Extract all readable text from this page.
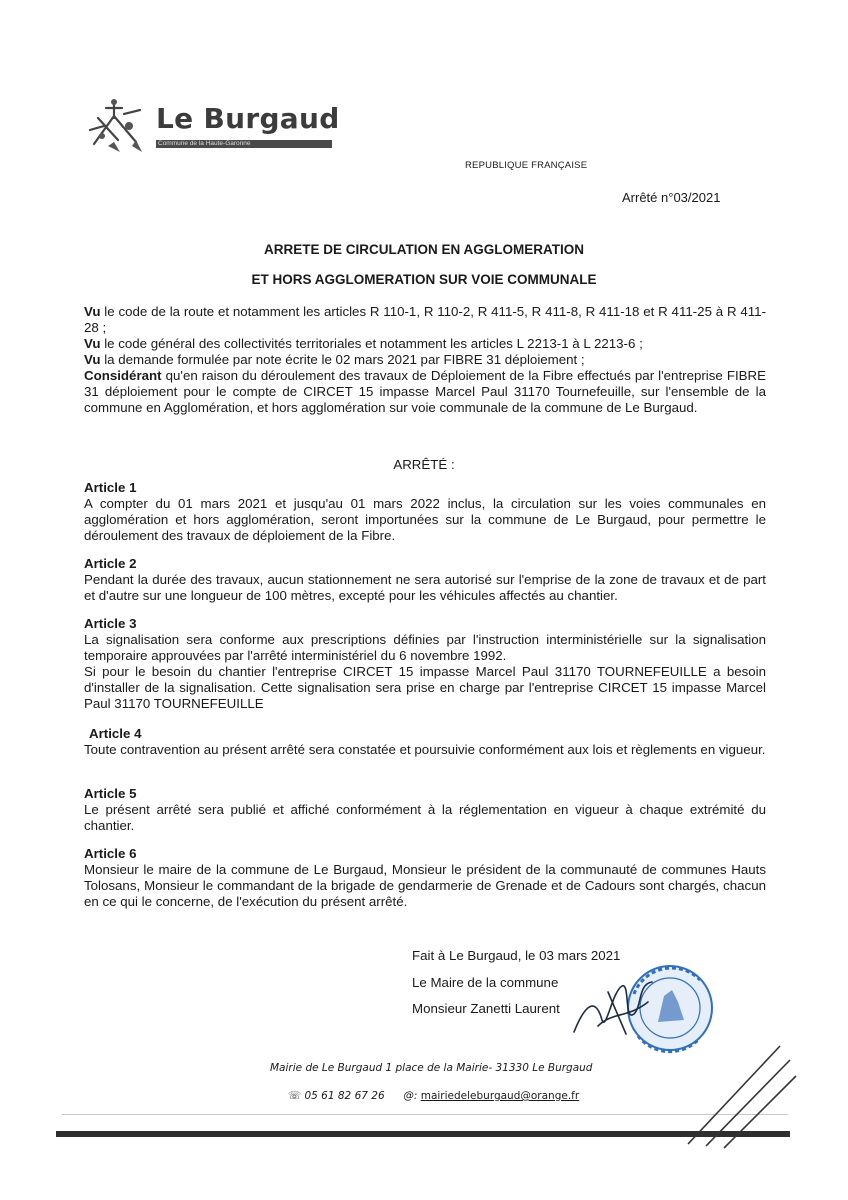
Le Burgaud
Commune de la Haute-Garonne
REPUBLIQUE FRANÇAISE
Arrêté n°03/2021
ARRETE DE CIRCULATION EN AGGLOMERATION
ET HORS AGGLOMERATION SUR VOIE COMMUNALE

Vu le code de la route et notamment les articles R 110-1, R 110-2, R 411-5, R 411-8, R 411-18 et R 411-25 à R 411-28 ;

Vu le code général des collectivités territoriales et notamment les articles L 2213-1 à L 2213-6 ;

Vu la demande formulée par note écrite le 02 mars 2021 par FIBRE 31 déploiement ;

Considérant qu'en raison du déroulement des travaux de Déploiement de la Fibre effectués par l'entreprise FIBRE 31 déploiement pour le compte de CIRCET 15 impasse Marcel Paul 31170 Tournefeuille, sur l'ensemble de la commune en Agglomération, et hors agglomération sur voie communale de la commune de Le Burgaud.

ARRÊTÉ :
Article 1

A compter du 01 mars 2021 et jusqu'au 01 mars 2022 inclus, la circulation sur les voies communales en agglomération et hors agglomération, seront importunées sur la commune de Le Burgaud, pour permettre le déroulement des travaux de déploiement de la Fibre.

Article 2

Pendant la durée des travaux, aucun stationnement ne sera autorisé sur l'emprise de la zone de travaux et de part et d'autre sur une longueur de 100 mètres, excepté pour les véhicules affectés au chantier.

Article 3

La signalisation sera conforme aux prescriptions définies par l'instruction interministérielle sur la signalisation temporaire approuvées par l'arrêté interministériel du 6 novembre 1992.

Si pour le besoin du chantier l'entreprise CIRCET 15 impasse Marcel Paul 31170 TOURNEFEUILLE a besoin d'installer de la signalisation. Cette signalisation sera prise en charge par l'entreprise CIRCET 15 impasse Marcel Paul 31170 TOURNEFEUILLE

Article 4

Toute contravention au présent arrêté sera constatée et poursuivie conformément aux lois et règlements en vigueur.

Article 5

Le présent arrêté sera publié et affiché conformément à la réglementation en vigueur à chaque extrémité du chantier.

Article 6

Monsieur le maire de la commune de Le Burgaud, Monsieur le président de la communauté de communes Hauts Tolosans, Monsieur le commandant de la brigade de gendarmerie de Grenade et de Cadours sont chargés, chacun en ce qui le concerne, de l'exécution du présent arrêté.

Fait à Le Burgaud, le 03 mars 2021
Le Maire de la commune
Monsieur Zanetti Laurent
Mairie de Le Burgaud 1 place de la Mairie- 31330 Le Burgaud
☏ 05 61 82 67 26 @: mairiedeleburgaud@orange.fr
